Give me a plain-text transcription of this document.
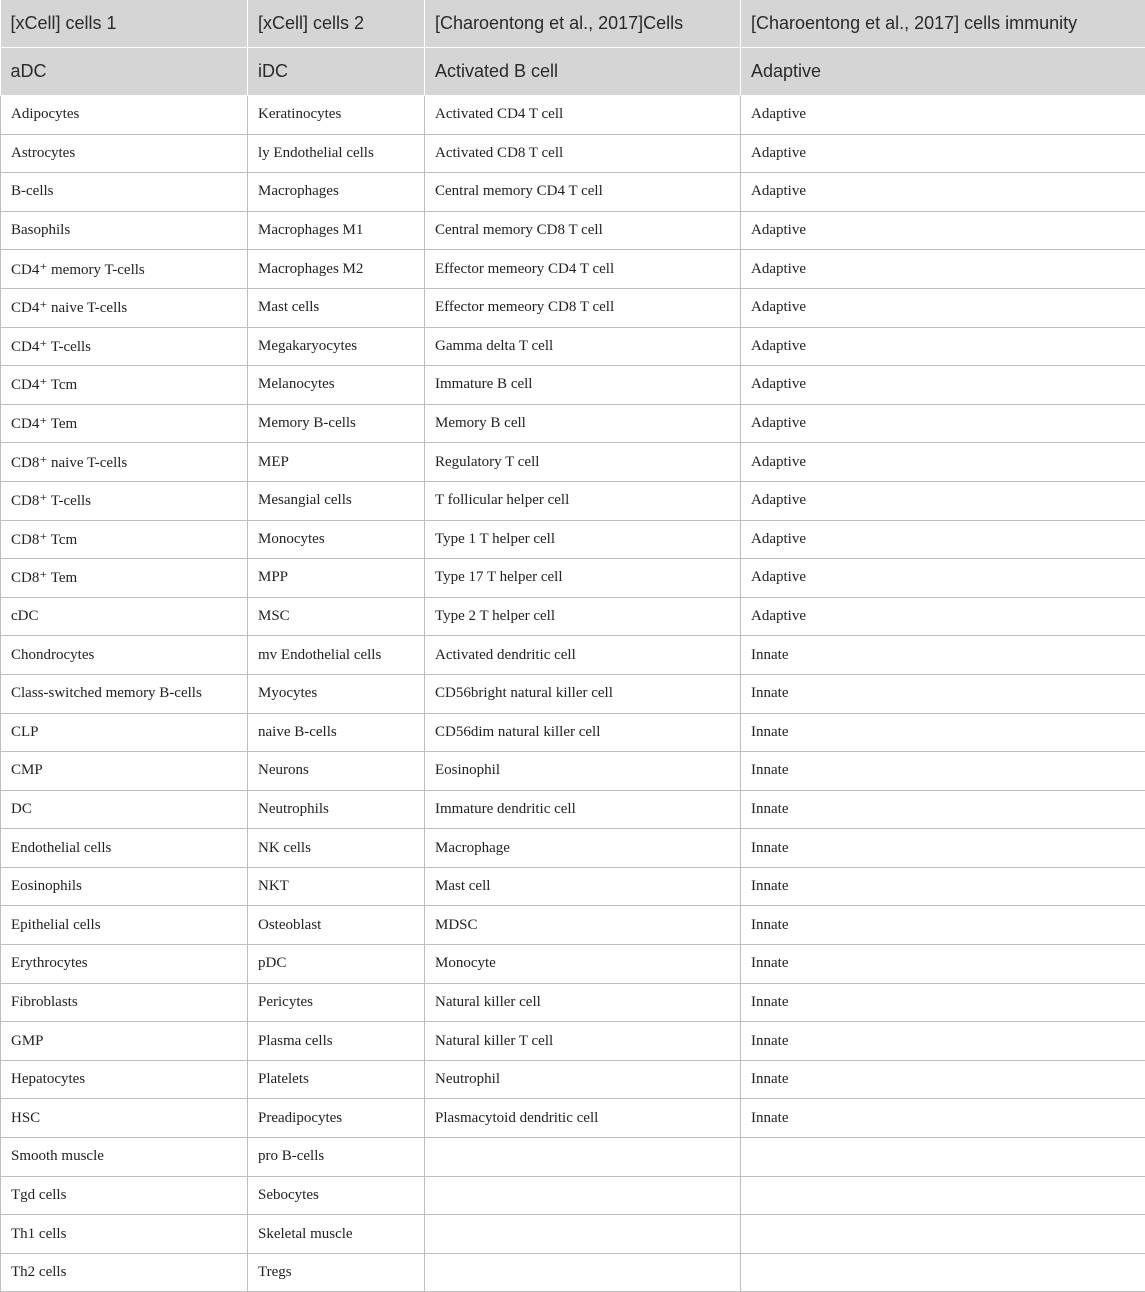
[xCell] cells 1	[xCell] cells 2	[Charoentong et al., 2017]Cells	[Charoentong et al., 2017] cells immunity
aDC	iDC	Activated B cell	Adaptive
Adipocytes	Keratinocytes	Activated CD4 T cell	Adaptive
Astrocytes	ly Endothelial cells	Activated CD8 T cell	Adaptive
B-cells	Macrophages	Central memory CD4 T cell	Adaptive
Basophils	Macrophages M1	Central memory CD8 T cell	Adaptive
CD4⁺ memory T-cells	Macrophages M2	Effector memeory CD4 T cell	Adaptive
CD4⁺ naive T-cells	Mast cells	Effector memeory CD8 T cell	Adaptive
CD4⁺ T-cells	Megakaryocytes	Gamma delta T cell	Adaptive
CD4⁺ Tcm	Melanocytes	Immature B cell	Adaptive
CD4⁺ Tem	Memory B-cells	Memory B cell	Adaptive
CD8⁺ naive T-cells	MEP	Regulatory T cell	Adaptive
CD8⁺ T-cells	Mesangial cells	T follicular helper cell	Adaptive
CD8⁺ Tcm	Monocytes	Type 1 T helper cell	Adaptive
CD8⁺ Tem	MPP	Type 17 T helper cell	Adaptive
cDC	MSC	Type 2 T helper cell	Adaptive
Chondrocytes	mv Endothelial cells	Activated dendritic cell	Innate
Class-switched memory B-cells	Myocytes	CD56bright natural killer cell	Innate
CLP	naive B-cells	CD56dim natural killer cell	Innate
CMP	Neurons	Eosinophil	Innate
DC	Neutrophils	Immature dendritic cell	Innate
Endothelial cells	NK cells	Macrophage	Innate
Eosinophils	NKT	Mast cell	Innate
Epithelial cells	Osteoblast	MDSC	Innate
Erythrocytes	pDC	Monocyte	Innate
Fibroblasts	Pericytes	Natural killer cell	Innate
GMP	Plasma cells	Natural killer T cell	Innate
Hepatocytes	Platelets	Neutrophil	Innate
HSC	Preadipocytes	Plasmacytoid dendritic cell	Innate
Smooth muscle	pro B-cells		
Tgd cells	Sebocytes		
Th1 cells	Skeletal muscle		
Th2 cells	Tregs		
